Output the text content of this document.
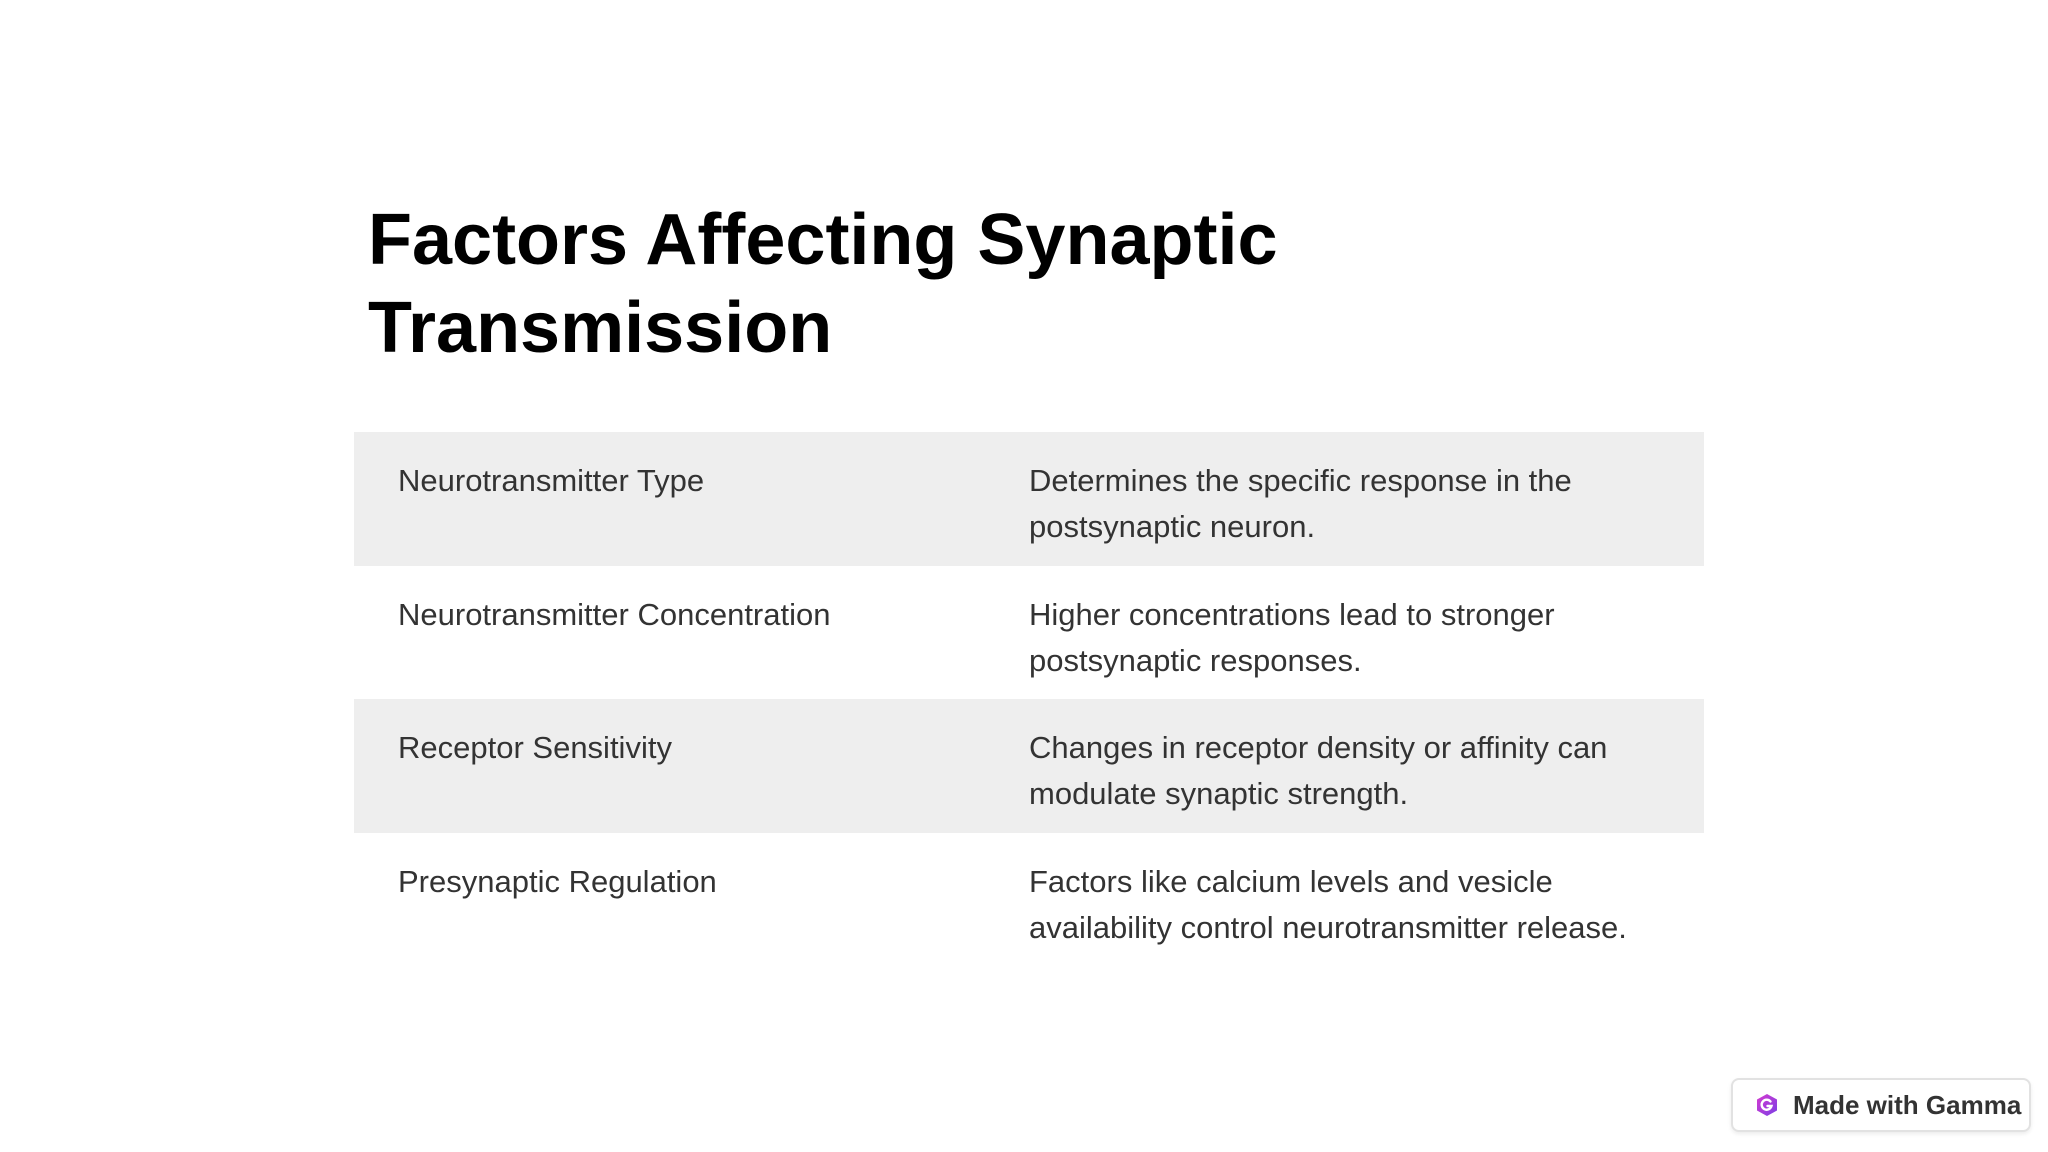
Factors Affecting Synaptic Transmission
Neurotransmitter Type	Determines the specific response in the postsynaptic neuron.
Neurotransmitter Concentration	Higher concentrations lead to stronger postsynaptic responses.
Receptor Sensitivity	Changes in receptor density or affinity can modulate synaptic strength.
Presynaptic Regulation	Factors like calcium levels and vesicle availability control neurotransmitter release.
Made with Gamma
